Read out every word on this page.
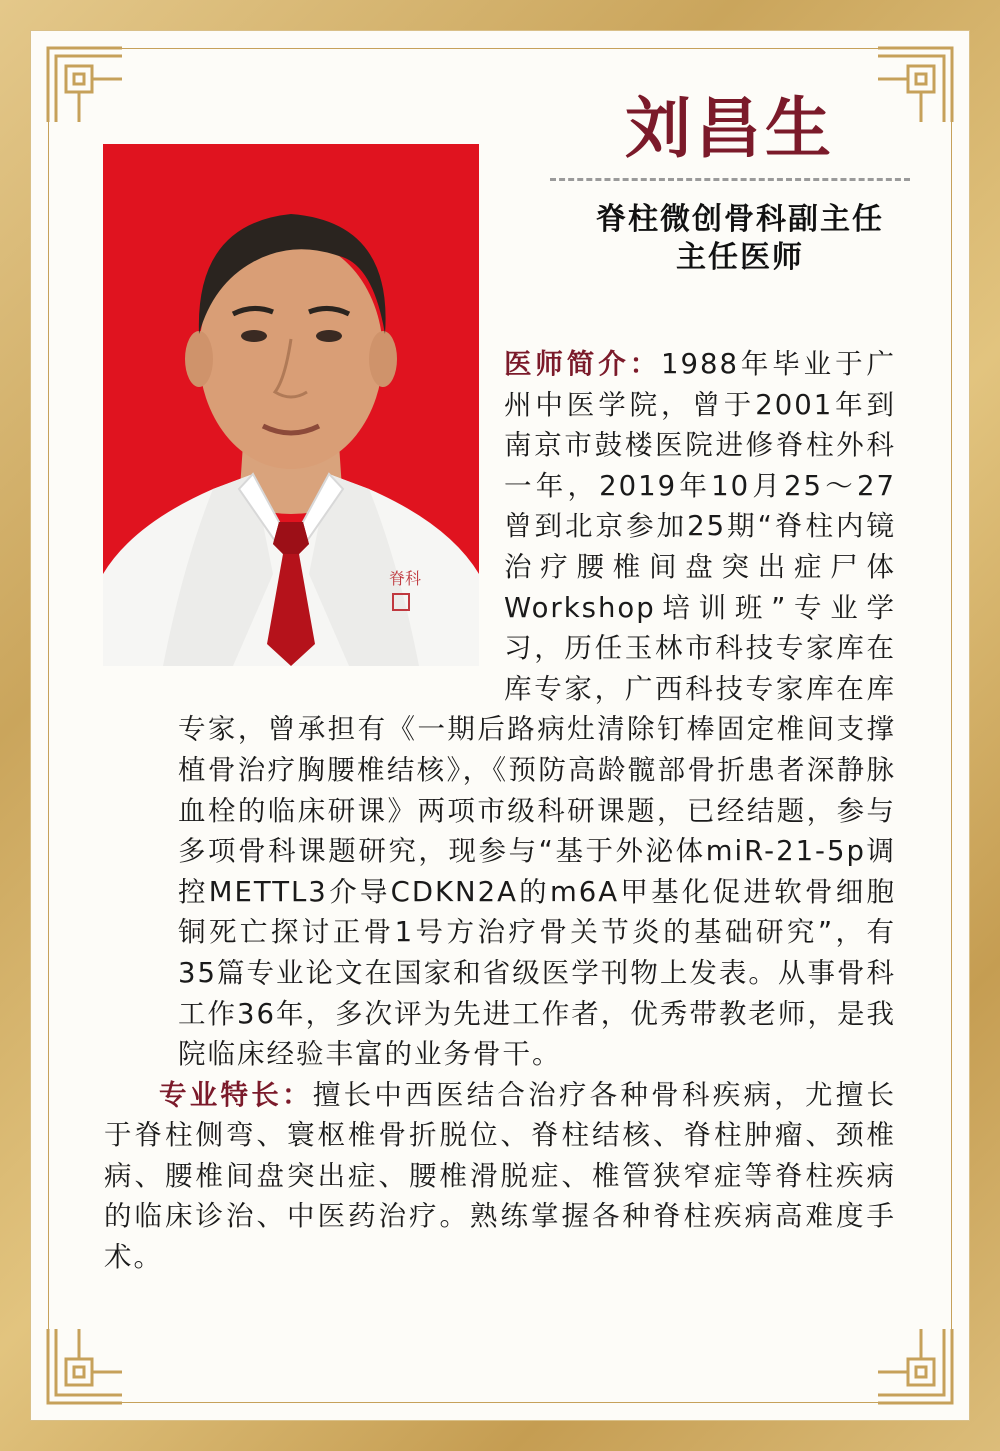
刘昌生
脊柱微创骨科副主任
主任医师
脊科

医师简介：1988年毕业于广州中医学院，曾于2001年到南京市鼓楼医院进修脊柱外科一年，2019年10月25～27曾到北京参加25期“脊柱内镜治疗腰椎间盘突出症尸体Workshop培训班”专业学习，历任玉林市科技专家库在库专家，广西科技专家库在库专家，曾承担有《一期后路病灶清除钉棒固定椎间支撑植骨治疗胸腰椎结核》，《预防高龄髋部骨折患者深静脉血栓的临床研课》两项市级科研课题，已经结题，参与多项骨科课题研究，现参与“基于外泌体miR-21-5p调控METTL3介导CDKN2A的m6A甲基化促进软骨细胞铜死亡探讨正骨1号方治疗骨关节炎的基础研究”，有35篇专业论文在国家和省级医学刊物上发表。从事骨科工作36年，多次评为先进工作者，优秀带教老师，是我院临床经验丰富的业务骨干。

专业特长：擅长中西医结合治疗各种骨科疾病，尤擅长于脊柱侧弯、寰枢椎骨折脱位、脊柱结核、脊柱肿瘤、颈椎病、腰椎间盘突出症、腰椎滑脱症、椎管狭窄症等脊柱疾病的临床诊治、中医药治疗。熟练掌握各种脊柱疾病高难度手术。
